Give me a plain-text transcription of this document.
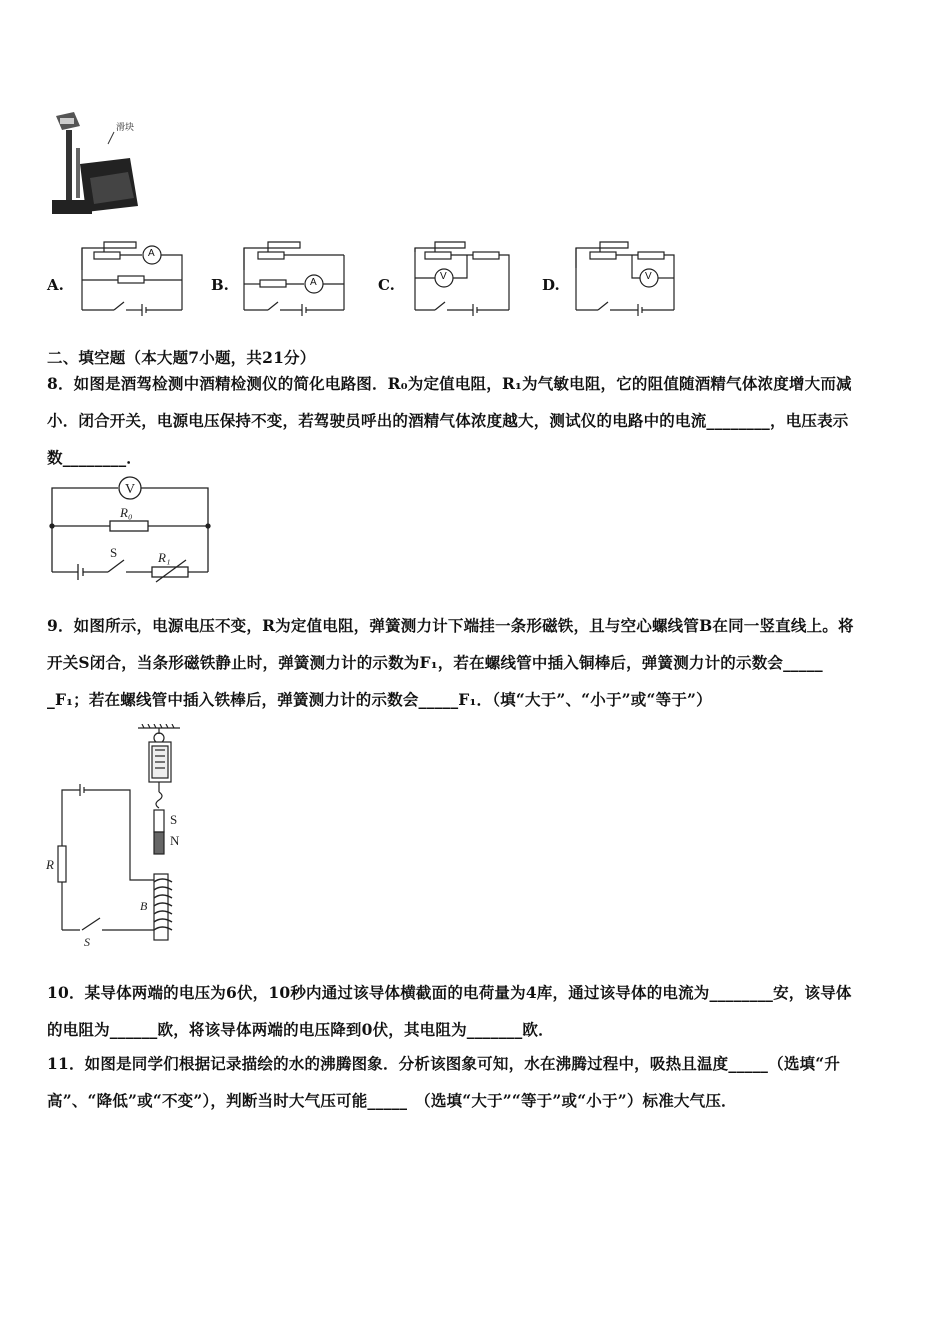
滑块
A.
A
B.	A	C.	V	D.	V
二、填空题（本大题7小题，共21分）
8．如图是酒驾检测中酒精检测仪的简化电路图．R₀为定值电阻，R₁为气敏电阻，它的阻值随酒精气体浓度增大而减
小．闭合开关，电源电压保持不变，若驾驶员呼出的酒精气体浓度越大，测试仪的电路中的电流________，电压表示
数________．
V
R₀
S	R₁
9．如图所示，电源电压不变，R为定值电阻，弹簧测力计下端挂一条形磁铁，且与空心螺线管B在同一竖直线上。将
开关S闭合，当条形磁铁静止时，弹簧测力计的示数为F₁，若在螺线管中插入铜棒后，弹簧测力计的示数会_____
_F₁；若在螺线管中插入铁棒后，弹簧测力计的示数会_____F₁．（填“大于”、“小于”或“等于”）
R
B
S
S
N
10．某导体两端的电压为6伏，10秒内通过该导体横截面的电荷量为4库，通过该导体的电流为________安，该导体
的电阻为______欧，将该导体两端的电压降到0伏，其电阻为_______欧．
11．如图是同学们根据记录描绘的水的沸腾图象．分析该图象可知，水在沸腾过程中，吸热且温度_____（选填“升
高”、“降低”或“不变”），判断当时大气压可能_____　（选填“大于”“等于”或“小于”）标准大气压．
